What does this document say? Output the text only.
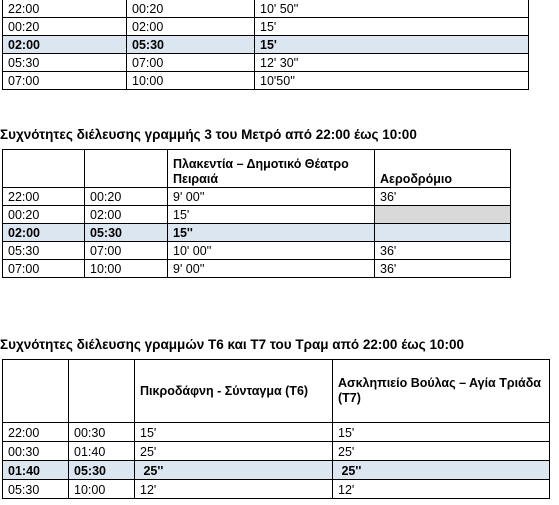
22:00	00:20	10' 50''
00:20	02:00	15'
02:00	05:30	15'
05:30	07:00	12' 30''
07:00	10:00	10'50''
Συχνότητες διέλευσης γραμμής 3 του Μετρό από 22:00 έως 10:00
		Πλακεντία – Δημοτικό Θέατρο Πειραιά	Αεροδρόμιο
22:00	00:20	9' 00''	36'
00:20	02:00	15'	
02:00	05:30	15''	
05:30	07:00	10' 00''	36'
07:00	10:00	9' 00''	36'
Συχνότητες διέλευσης γραμμών Τ6 και Τ7 του Τραμ από 22:00 έως 10:00
		Πικροδάφνη - Σύνταγμα (Τ6)	Ασκληπιείο Βούλας – Αγία Τριάδα (Τ7)
22:00	00:30	15'	15'
00:30	01:40	25'	25'
01:40	05:30	25''	25''
05:30	10:00	12'	12'
